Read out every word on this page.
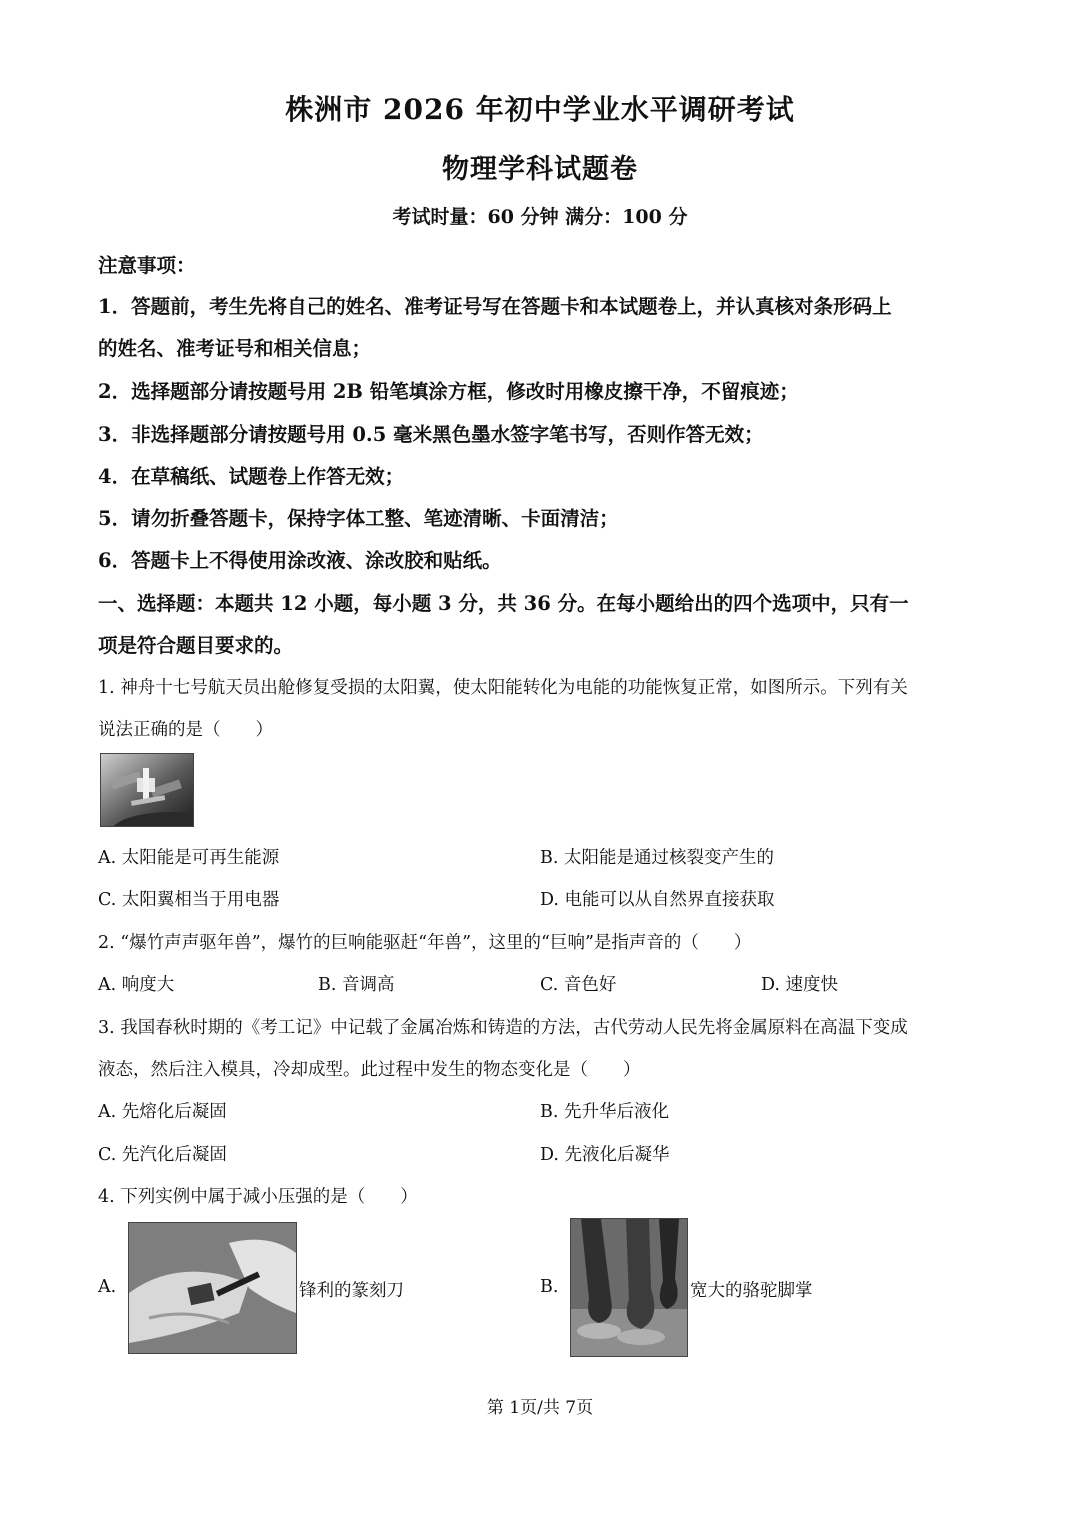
株洲市 2026 年初中学业水平调研考试
物理学科试题卷
考试时量：60 分钟 满分：100 分
注意事项：
1．答题前，考生先将自己的姓名、准考证号写在答题卡和本试题卷上，并认真核对条形码上
的姓名、准考证号和相关信息；
2．选择题部分请按题号用 2B 铅笔填涂方框，修改时用橡皮擦干净，不留痕迹；
3．非选择题部分请按题号用 0.5 毫米黑色墨水签字笔书写，否则作答无效；
4．在草稿纸、试题卷上作答无效；
5．请勿折叠答题卡，保持字体工整、笔迹清晰、卡面清洁；
6．答题卡上不得使用涂改液、涂改胶和贴纸。
一、选择题：本题共 12 小题，每小题 3 分，共 36 分。在每小题给出的四个选项中，只有一
项是符合题目要求的。
1. 神舟十七号航天员出舱修复受损的太阳翼，使太阳能转化为电能的功能恢复正常，如图所示。下列有关
说法正确的是（　　）
A. 太阳能是可再生能源	B. 太阳能是通过核裂变产生的
C. 太阳翼相当于用电器	D. 电能可以从自然界直接获取
2. “爆竹声声驱年兽”，爆竹的巨响能驱赶“年兽”，这里的“巨响”是指声音的（　　）
A. 响度大	B. 音调高	C. 音色好	D. 速度快
3. 我国春秋时期的《考工记》中记载了金属冶炼和铸造的方法，古代劳动人民先将金属原料在高温下变成
液态，然后注入模具，冷却成型。此过程中发生的物态变化是（　　）
A. 先熔化后凝固	B. 先升华后液化
C. 先汽化后凝固	D. 先液化后凝华
4. 下列实例中属于减小压强的是（　　）
A.	锋利的篆刻刀	B.	宽大的骆驼脚掌
第 1页/共 7页
